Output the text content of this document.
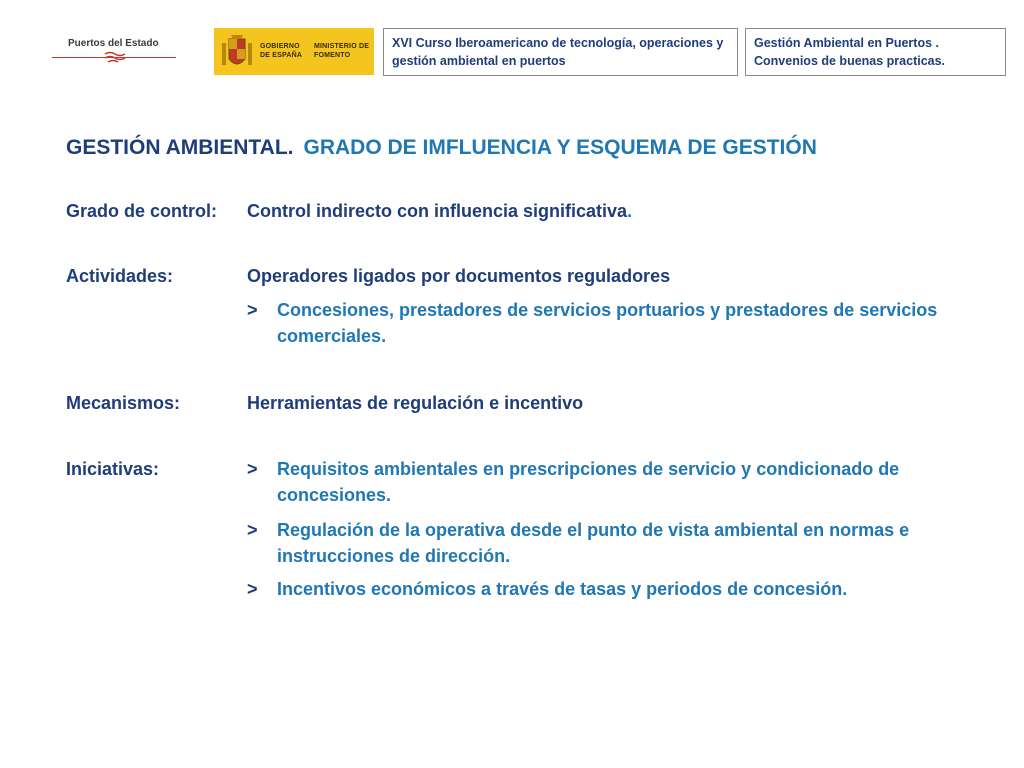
Puertos del Estado	GOBIERNO DE ESPAÑA
MINISTERIO DE FOMENTO
XVI Curso Iberoamericano de tecnología, operaciones y gestión ambiental en puertos
Gestión Ambiental en Puertos . Convenios de buenas practicas.
GESTIÓN AMBIENTAL. GRADO DE IMFLUENCIA Y ESQUEMA DE GESTIÓN
Grado de control: Control indirecto con influencia significativa.
Actividades:	Operadores ligados por documentos reguladores
> Concesiones, prestadores de servicios portuarios y prestadores de servicios comerciales.
Mecanismos:	Herramientas de regulación e incentivo
Iniciativas:	> Requisitos ambientales en prescripciones de servicio y condicionado de concesiones.
> Regulación de la operativa desde el punto de vista ambiental en normas e instrucciones de dirección.
> Incentivos económicos a través de tasas y periodos de concesión.
